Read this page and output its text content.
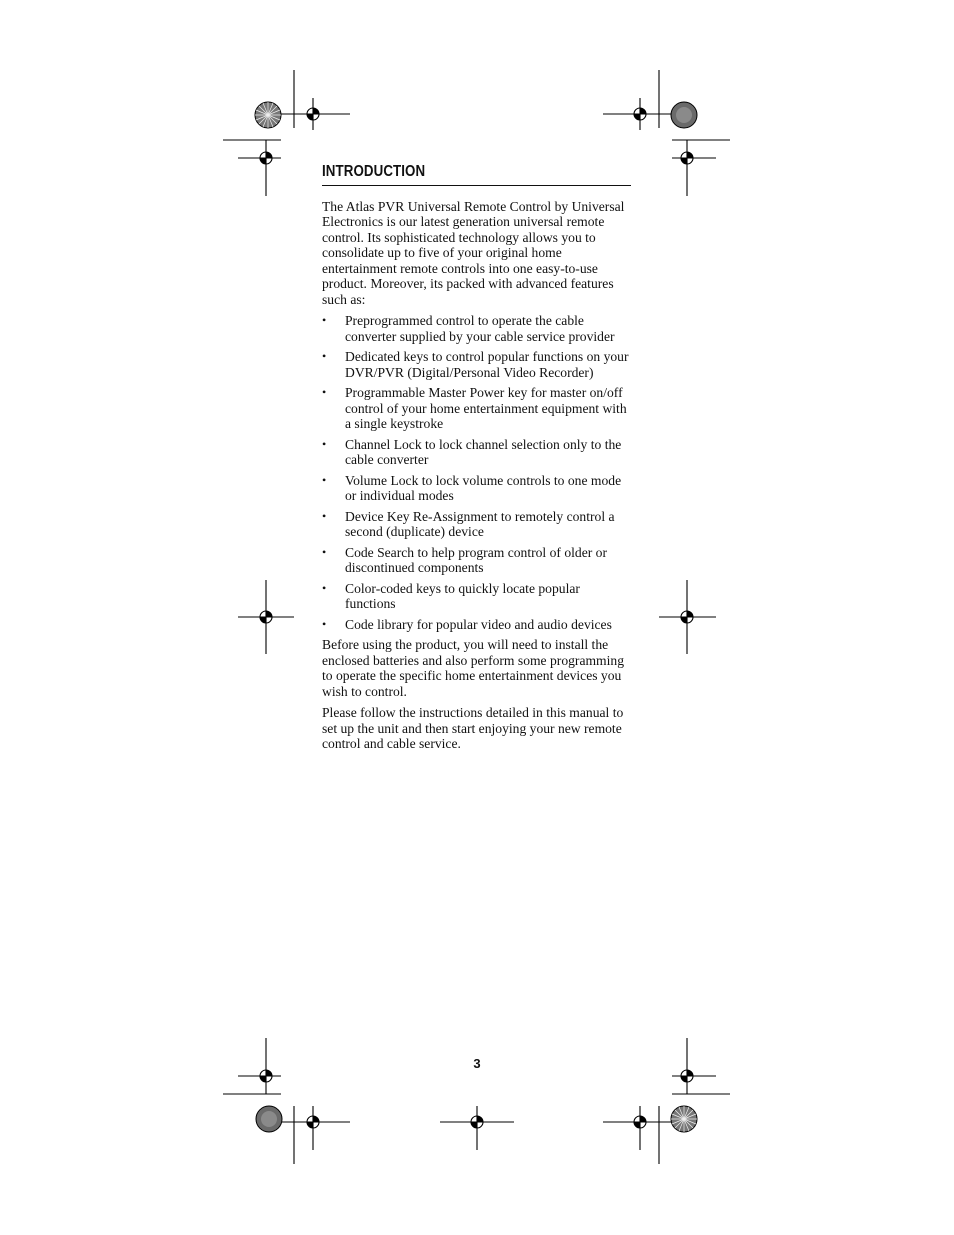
INTRODUCTION

The Atlas PVR Universal Remote Control by Universal Electronics is our latest generation universal remote control. Its sophisticated technology allows you to consolidate up to five of your original home entertainment remote controls into one easy-to-use product. Moreover, its packed with advanced features such as:

•	Preprogrammed control to operate the cable converter supplied by your cable service provider
•	Dedicated keys to control popular functions on your DVR/PVR (Digital/Personal Video Recorder)
•	Programmable Master Power key for master on/off control of your home entertainment equipment with a single keystroke
•	Channel Lock to lock channel selection only to the cable converter
•	Volume Lock to lock volume controls to one mode or individual modes
•	Device Key Re-Assignment to remotely control a second (duplicate) device
•	Code Search to help program control of older or discontinued components
•	Color-coded keys to quickly locate popular functions
•	Code library for popular video and audio devices

Before using the product, you will need to install the enclosed batteries and also perform some programming to operate the specific home entertainment devices you wish to control.

Please follow the instructions detailed in this manual to set up the unit and then start enjoying your new remote control and cable service.

3
